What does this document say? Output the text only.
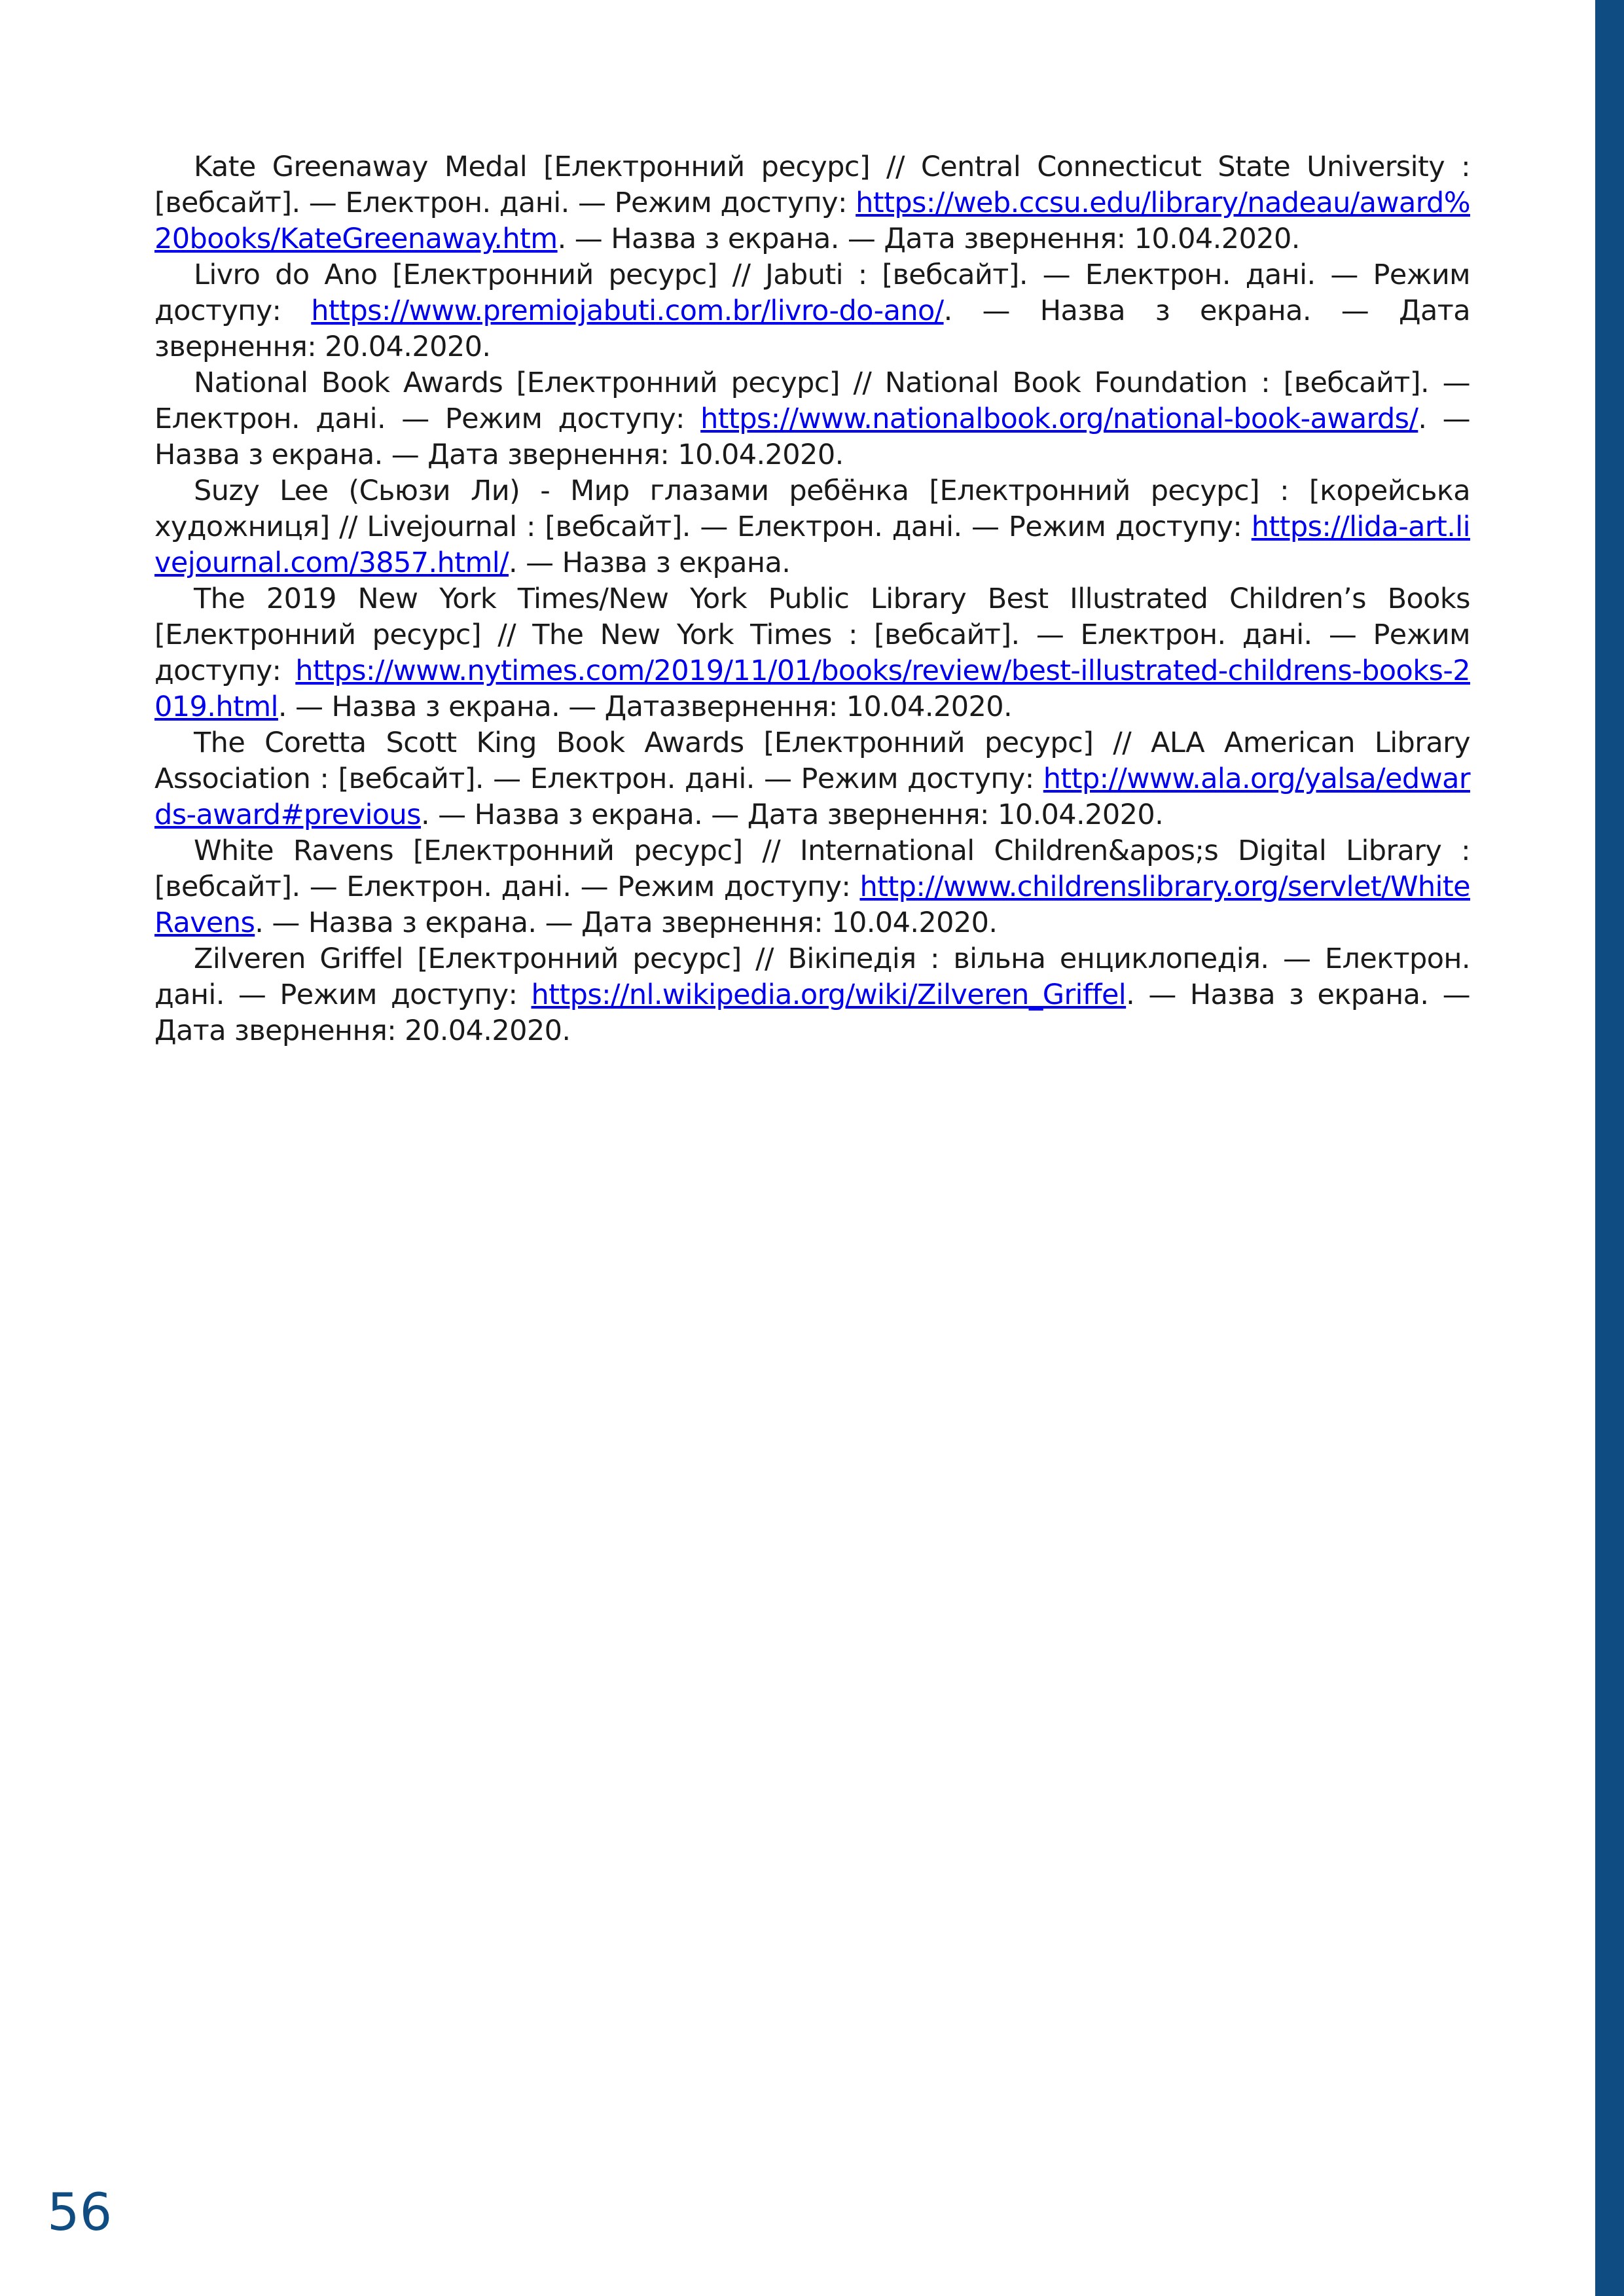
Kate Greenaway Medal [Електронний ресурс] // Central Connecticut State University : [вебсайт]. — Електрон. дані. — Режим доступу: https://web.ccsu.edu/library/nadeau/award%20books/KateGreenaway.htm. — Назва з екрана. — Дата звернення: 10.04.2020.

Livro do Ano [Електронний ресурс] // Jabuti : [вебсайт]. — Електрон. дані. — Режим доступу: https://www.premiojabuti.com.br/livro-do-ano/. — Назва з екрана. — Дата звернення: 20.04.2020.

National Book Awards [Електронний ресурс] // National Book Foundation : [вебсайт]. — Електрон. дані. — Режим доступу: https://www.nationalbook.org/national-book-awards/. — Назва з екрана. — Дата звернення: 10.04.2020.

Suzy Lee (Сьюзи Ли) - Мир глазами ребёнка [Електронний ресурс] : [корейська художниця] // Livejournal : [вебсайт]. — Електрон. дані. — Режим доступу: https://lida-art.livejournal.com/3857.html/. — Назва з екрана.

The 2019 New York Times/New York Public Library Best Illustrated Children’s Books [Електронний ресурс] // The New York Times : [вебсайт]. — Електрон. дані. — Режим доступу: https://www.nytimes.com/2019/11/01/books/review/best-illustrated-childrens-books-2019.html. — Назва з екрана. — Датазвернення: 10.04.2020.

The Coretta Scott King Book Awards [Електронний ресурс] // ALA American Library Association : [вебсайт]. — Електрон. дані. — Режим доступу: http://www.ala.org/yalsa/edwards-award#previous. — Назва з екрана. — Дата звернення: 10.04.2020.

White Ravens [Електронний ресурс] // International Children&apos;s Digital Library : [вебсайт]. — Електрон. дані. — Режим доступу: http://www.childrenslibrary.org/servlet/WhiteRavens. — Назва з екрана. — Дата звернення: 10.04.2020.

Zilveren Griffel [Електронний ресурс] // Вікіпедія : вільна енциклопедія. — Електрон. дані. — Режим доступу: https://nl.wikipedia.org/wiki/Zilveren_Griffel. — Назва з екрана. — Дата звернення: 20.04.2020.

56
